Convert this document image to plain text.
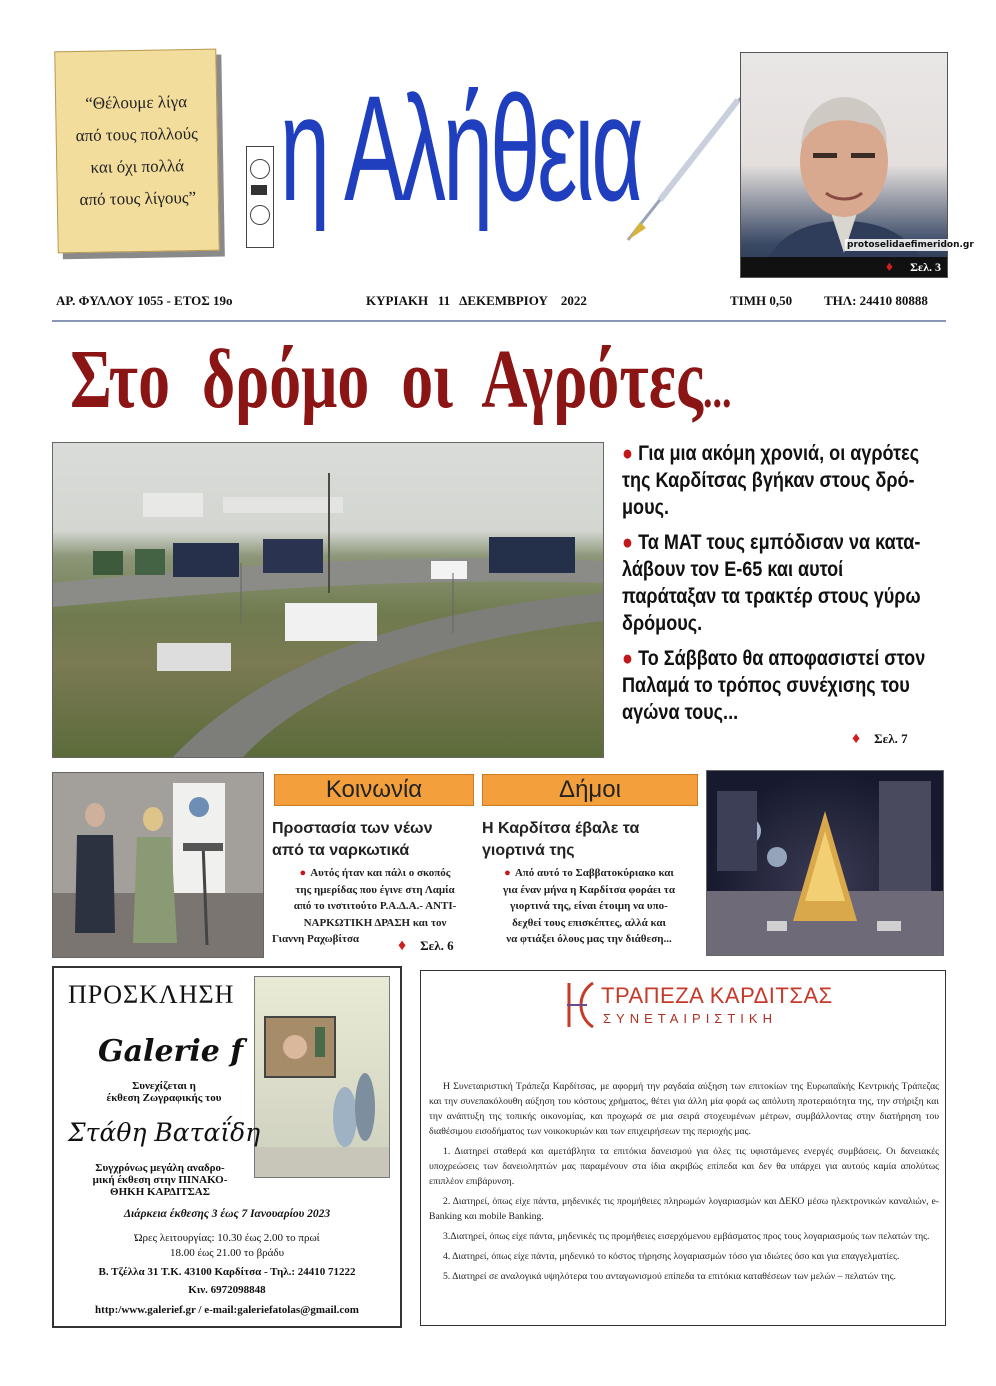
“Θέλουμε λίγα
από τους πολλούς
και όχι πολλά
από τους λίγους” η Αλήθεια
protoselidaefimeridon.gr
♦ Σελ. 3
ΑΡ. ΦΥΛΛΟΥ 1055 - ΕΤΟΣ 19ο	ΚΥΡΙΑΚΗ   11   ΔΕΚΕΜΒΡΙΟΥ    2022	ΤΙΜΗ 0,50 ΤΗΛ: 24410 80888
Στο  δρόμο  οι  Αγρότες...
● Για μια ακόμη χρονιά, οι αγρότες της Καρδίτσας βγήκαν στους δρό-μους.
● Τα ΜΑΤ τους εμπόδισαν να κατα-λάβουν τον Ε-65 και αυτοί παράταξαν τα τρακτέρ στους γύρω δρόμους.
● Το Σάββατο θα αποφασιστεί στον Παλαμά το τρόπος συνέχισης του αγώνα τους...
♦ Σελ. 7
Κοινωνία
Προστασία των νέων
από τα ναρκωτικά
● Αυτός ήταν και πάλι ο σκοπός
της ημερίδας που έγινε στη Λαμία
από το ινστιτούτο Ρ.Α.Δ.Α.- ΑΝΤΙ-
ΝΑΡΚΩΤΙΚΗ ΔΡΑΣΗ και τον
Γιαννη Ραχωβίτσα	♦ Σελ. 6
Δήμοι
Η Καρδίτσα έβαλε τα
γιορτινά της
● Από αυτό το Σαββατοκύριακο και
για έναν μήνα η Καρδίτσα φοράει τα
γιορτινά της, είναι έτοιμη να υπο-
δεχθεί τους επισκέπτες, αλλά και
να φτιάξει όλους μας την διάθεση...
ΠΡΟΣΚΛΗΣΗ
Galerie f
Συνεχίζεται η
έκθεση Ζωγραφικής του
Στάθη Βαταΐδη
Συγχρόνως μεγάλη αναδρο-
μική έκθεση στην ΠΙΝΑΚΟ-
ΘΗΚΗ ΚΑΡΔΙΤΣΑΣ
Διάρκεια έκθεσης 3 έως 7 Ιανουαρίου 2023
Ώρες λειτουργίας: 10.30 έως 2.00 το πρωί
18.00 έως 21.00 το βράδυ
Β. Τζέλλα 31 Τ.Κ. 43100 Καρδίτσα - Τηλ.: 24410 71222
Κιν. 6972098848
http:/www.galerief.gr / e-mail:galeriefatolas@gmail.com
ΤΡΑΠΕΖΑ ΚΑΡΔΙΤΣΑΣ
ΣΥΝΕΤΑΙΡΙΣΤΙΚΗ

Η Συνεταιριστική Τράπεζα Καρδίτσας, με αφορμή την ραγδαία αύξηση των επιτοκίων της Ευρωπαϊκής Κεντρικής Τράπεζας και την συνεπακόλουθη αύξηση του κόστους χρήματος, θέτει για άλλη μία φορά ως απόλυτη προτεραιότητα της, την στήριξη και την ανάπτυξη της τοπικής οικονομίας, και προχωρά σε μια σειρά στοχευμένων μέτρων, συμβάλλοντας στην διατήρηση του διαθέσιμου εισοδήματος των νοικοκυριών και των επιχειρήσεων της περιοχής μας.

1. Διατηρεί σταθερά και αμετάβλητα τα επιτόκια δανεισμού για όλες τις υφιστάμενες ενεργές συμβάσεις. Οι δανειακές υποχρεώσεις των δανειοληπτών μας παραμένουν στα ίδια ακριβώς επίπεδα και δεν θα υπάρχει για αυτούς καμία απολύτως επιπλέον επιβάρυνση.

2. Διατηρεί, όπως είχε πάντα, μηδενικές τις προμήθειες πληρωμών λογαριασμών και ΔΕΚΟ μέσω ηλεκτρονικών καναλιών, e-Banking και mobile Banking.

3.Διατηρεί, όπως είχε πάντα, μηδενικές τις προμήθειες εισερχόμενου εμβάσματος προς τους λογαριασμούς των πελατών της.

4. Διατηρεί, όπως είχε πάντα, μηδενικό το κόστος τήρησης λογαριασμών τόσο για ιδιώτες όσο και για επαγγελματίες.

5. Διατηρεί σε αναλογικά υψηλότερα του ανταγωνισμού επίπεδα τα επιτόκια καταθέσεων των μελών – πελατών της.
